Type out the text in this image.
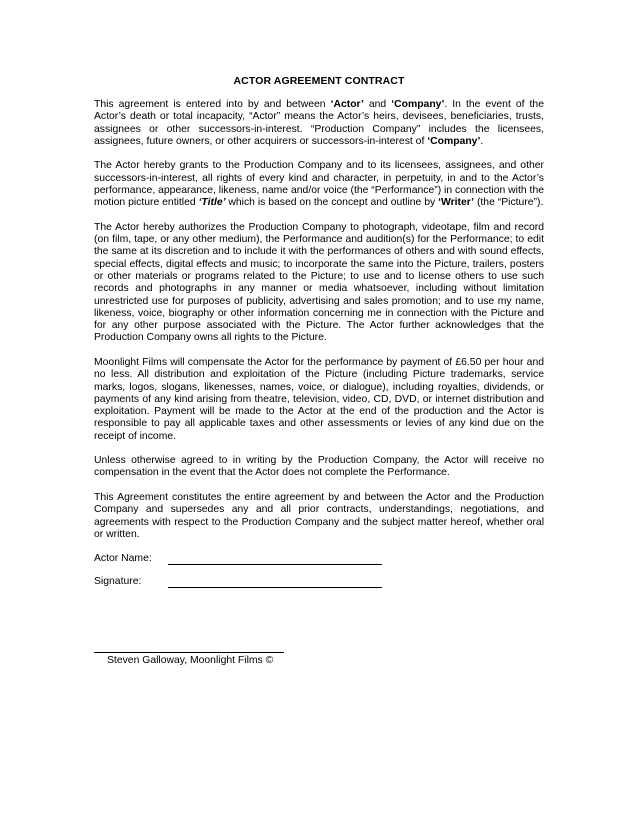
ACTOR AGREEMENT CONTRACT

This agreement is entered into by and between ‘Actor’ and ‘Company’. In the event of the Actor’s death or total incapacity, “Actor” means the Actor’s heirs, devisees, beneficiaries, trusts, assignees or other successors-in-interest. “Production Company” includes the licensees, assignees, future owners, or other acquirers or successors-in-interest of ‘Company’.

The Actor hereby grants to the Production Company and to its licensees, assignees, and other successors-in-interest, all rights of every kind and character, in perpetuity, in and to the Actor’s performance, appearance, likeness, name and/or voice (the “Performance”) in connection with the motion picture entitled ‘Title’ which is based on the concept and outline by ‘Writer’ (the “Picture”).

The Actor hereby authorizes the Production Company to photograph, videotape, film and record (on film, tape, or any other medium), the Performance and audition(s) for the Performance; to edit the same at its discretion and to include it with the performances of others and with sound effects, special effects, digital effects and music; to incorporate the same into the Picture, trailers, posters or other materials or programs related to the Picture; to use and to license others to use such records and photographs in any manner or media whatsoever, including without limitation unrestricted use for purposes of publicity, advertising and sales promotion; and to use my name, likeness, voice, biography or other information concerning me in connection with the Picture and for any other purpose associated with the Picture. The Actor further acknowledges that the Production Company owns all rights to the Picture.

Moonlight Films will compensate the Actor for the performance by payment of £6.50 per hour and no less. All distribution and exploitation of the Picture (including Picture trademarks, service marks, logos, slogans, likenesses, names, voice, or dialogue), including royalties, dividends, or payments of any kind arising from theatre, television, video, CD, DVD, or internet distribution and exploitation. Payment will be made to the Actor at the end of the production and the Actor is responsible to pay all applicable taxes and other assessments or levies of any kind due on the receipt of income.

Unless otherwise agreed to in writing by the Production Company, the Actor will receive no compensation in the event that the Actor does not complete the Performance.

This Agreement constitutes the entire agreement by and between the Actor and the Production Company and supersedes any and all prior contracts, understandings, negotiations, and agreements with respect to the Production Company and the subject matter hereof, whether oral or written.

Actor Name:
Signature:
Steven Galloway, Moonlight Films ©
